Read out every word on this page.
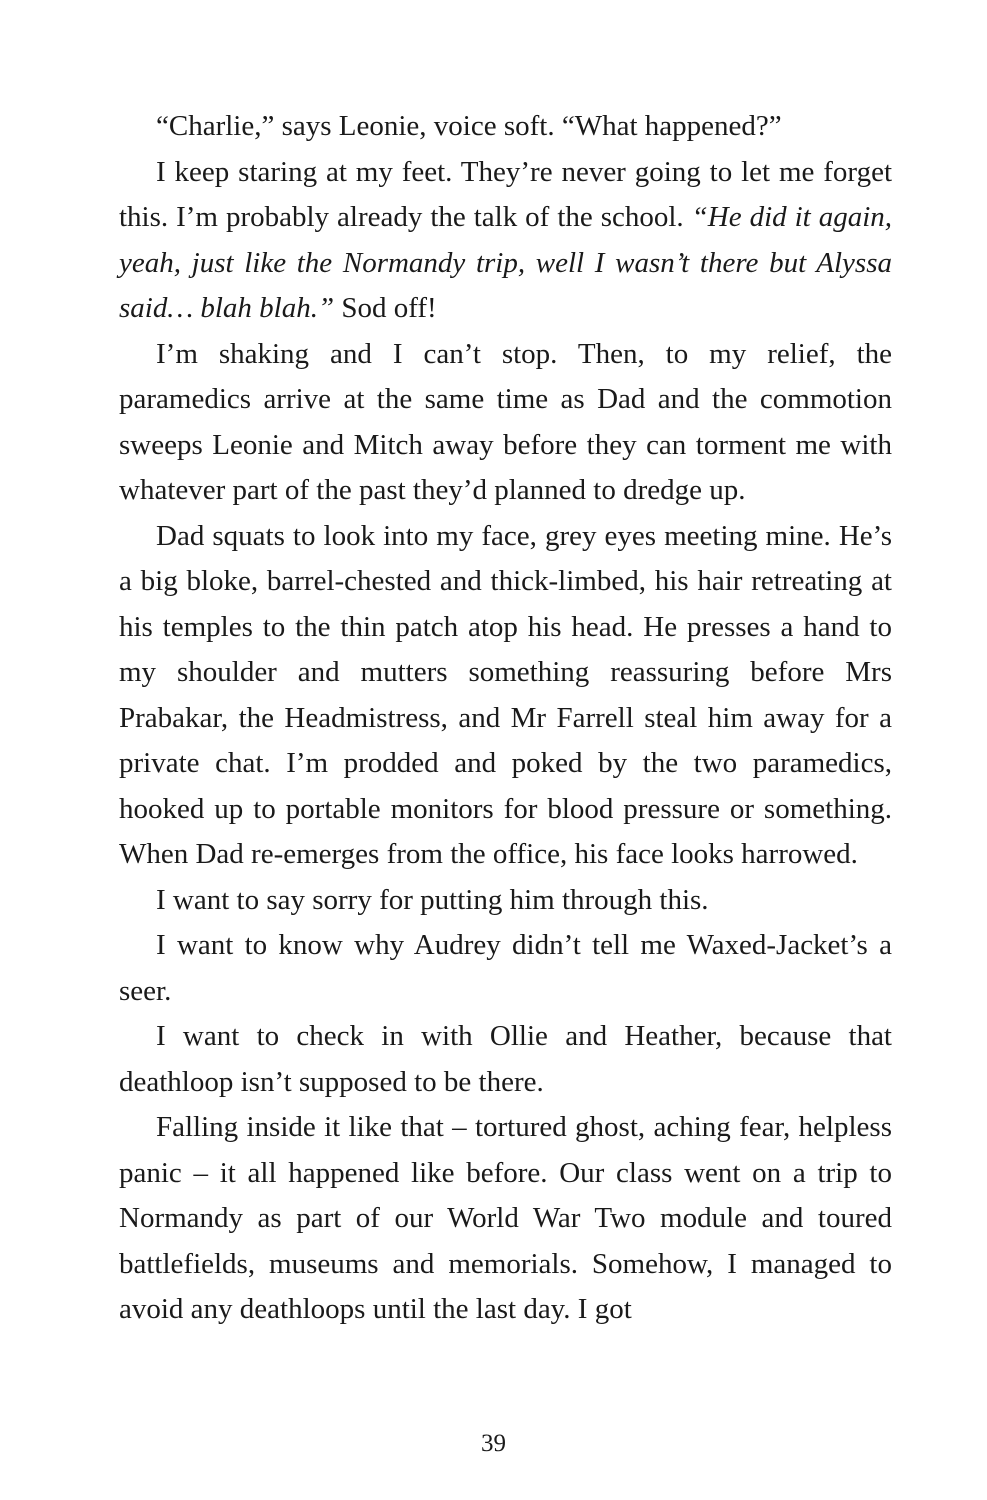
“Charlie,” says Leonie, voice soft. “What happened?”

I keep staring at my feet. They’re never going to let me forget this. I’m probably already the talk of the school. “He did it again, yeah, just like the Normandy trip, well I wasn’t there but Alyssa said… blah blah.” Sod off!

I’m shaking and I can’t stop. Then, to my relief, the paramedics arrive at the same time as Dad and the commotion sweeps Leonie and Mitch away before they can torment me with whatever part of the past they’d planned to dredge up.

Dad squats to look into my face, grey eyes meeting mine. He’s a big bloke, barrel-chested and thick-limbed, his hair retreating at his temples to the thin patch atop his head. He presses a hand to my shoulder and mutters something reassuring before Mrs Prabakar, the Headmistress, and Mr Farrell steal him away for a private chat. I’m prodded and poked by the two paramedics, hooked up to portable monitors for blood pressure or something. When Dad re-emerges from the office, his face looks harrowed.

I want to say sorry for putting him through this.

I want to know why Audrey didn’t tell me Waxed-Jacket’s a seer.

I want to check in with Ollie and Heather, because that deathloop isn’t supposed to be there.

Falling inside it like that – tortured ghost, aching fear, helpless panic – it all happened like before. Our class went on a trip to Normandy as part of our World War Two module and toured battlefields, museums and memorials. Somehow, I managed to avoid any deathloops until the last day. I got

39
